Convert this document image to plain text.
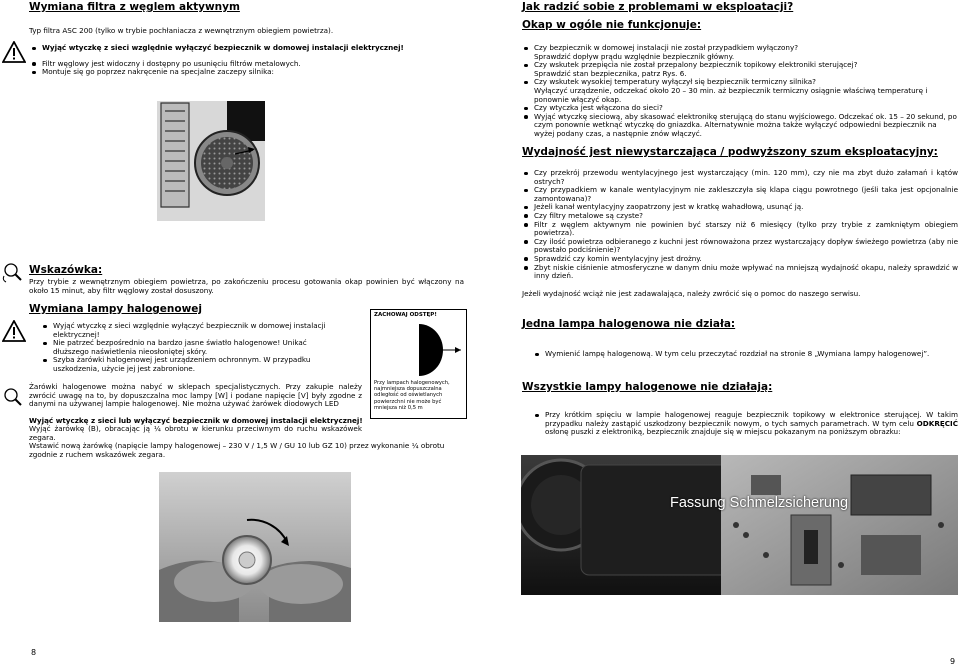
Wymiana filtra z węglem aktywnym
Typ filtra ASC 200 (tylko w trybie pochłaniacza z wewnętrznym obiegiem powietrza).
Wyjąć wtyczkę z sieci względnie wyłączyć bezpiecznik w domowej instalacji elektrycznej!
Filtr węglowy jest widoczny i dostępny po usunięciu filtrów metalowych.
Montuje się go poprzez nakręcenie na specjalne zaczepy silnika:
Wskazówka:
Przy trybie z wewnętrznym obiegiem powietrza, po zakończeniu procesu gotowania okap powinien być włączony na około 15 minut, aby filtr węglowy został dosuszony.
Wymiana lampy halogenowej
Wyjąć wtyczkę z sieci względnie wyłączyć bezpiecznik w domowej instalacji elektrycznej!
Nie patrzeć bezpośrednio na bardzo jasne światło halogenowe! Unikać dłuższego naświetlenia nieosłoniętej skóry.
Szyba żarówki halogenowej jest urządzeniem ochronnym. W przypadku uszkodzenia, użycie jej jest zabronione.
ZACHOWAJ ODSTĘP!
Przy lampach halogenowych, najmniejsza dopuszczalna odległość od oświetlanych powierzchni nie może być mniejsza niż 0,5 m
Żarówki halogenowe można nabyć w sklepach specjalistycznych. Przy zakupie należy zwrócić uwagę na to, by dopuszczalna moc lampy [W] i podane napięcie [V] były zgodne z danymi na używanej lampie halogenowej. Nie można używać żarówek diodowych LED
Wyjąć wtyczkę z sieci lub wyłączyć bezpiecznik w domowej instalacji elektrycznej!
Wyjąć żarówkę (B), obracając ją ¼ obrotu w kierunku przeciwnym do ruchu wskazówek zegara.
Wstawić nową żarówkę (napięcie lampy halogenowej – 230 V / 1,5 W / GU 10 lub GZ 10) przez wykonanie ¼ obrotu zgodnie z ruchem wskazówek zegara.
8
Jak radzić sobie z problemami w eksploatacji?
Okap w ogóle nie funkcjonuje:
Czy bezpiecznik w domowej instalacji nie został przypadkiem wyłączony?
Sprawdzić dopływ prądu względnie bezpiecznik główny.
Czy wskutek przepięcia nie został przepalony bezpiecznik topikowy elektroniki sterującej?
Sprawdzić stan bezpiecznika, patrz Rys. 6.
Czy wskutek wysokiej temperatury wyłączył się bezpiecznik termiczny silnika?
Wyłączyć urządzenie, odczekać około 20 – 30 min. aż bezpiecznik termiczny osiągnie właściwą temperaturę i ponownie włączyć okap.
Czy wtyczka jest włączona do sieci?
Wyjąć wtyczkę sieciową, aby skasować elektronikę sterującą do stanu wyjściowego. Odczekać ok. 15 – 20 sekund, po czym ponownie wetknąć wtyczkę do gniazdka. Alternatywnie można także wyłączyć odpowiedni bezpiecznik na wyżej podany czas, a następnie znów włączyć.
Wydajność jest niewystarczająca / podwyższony szum eksploatacyjny:
Czy przekrój przewodu wentylacyjnego jest wystarczający (min. 120 mm), czy nie ma zbyt dużo załamań i kątów ostrych?
Czy przypadkiem w kanale wentylacyjnym nie zakleszczyła się klapa ciągu powrotnego (jeśli taka jest opcjonalnie zamontowana)?
Jeżeli kanał wentylacyjny zaopatrzony jest w kratkę wahadłową, usunąć ją.
Czy filtry metalowe są czyste?
Filtr z węglem aktywnym nie powinien być starszy niż 6 miesięcy (tylko przy trybie z zamkniętym obiegiem powietrza).
Czy ilość powietrza odbieranego z kuchni jest równoważona przez wystarczający dopływ świeżego powietrza (aby nie powstało podciśnienie)?
Sprawdzić czy komin wentylacyjny jest drożny.
Zbyt niskie ciśnienie atmosferyczne w danym dniu może wpływać na mniejszą wydajność okapu, należy sprawdzić w inny dzień.
Jeżeli wydajność wciąż nie jest zadawalająca, należy zwrócić się o pomoc do naszego serwisu.
Jedna lampa halogenowa nie działa:
Wymienić lampę halogenową. W tym celu przeczytać rozdział na stronie 8 „Wymiana lampy halogenowej”.
Wszystkie lampy halogenowe nie działają:
Przy krótkim spięciu w lampie halogenowej reaguje bezpiecznik topikowy w elektronice sterującej. W takim przypadku należy zastąpić uszkodzony bezpiecznik nowym, o tych samych parametrach. W tym celu ODKRĘCIĆ osłonę puszki z elektroniką, bezpiecznik znajduje się w miejscu pokazanym na poniższym obrazku:
Fassung Schmelzsicherung
9
